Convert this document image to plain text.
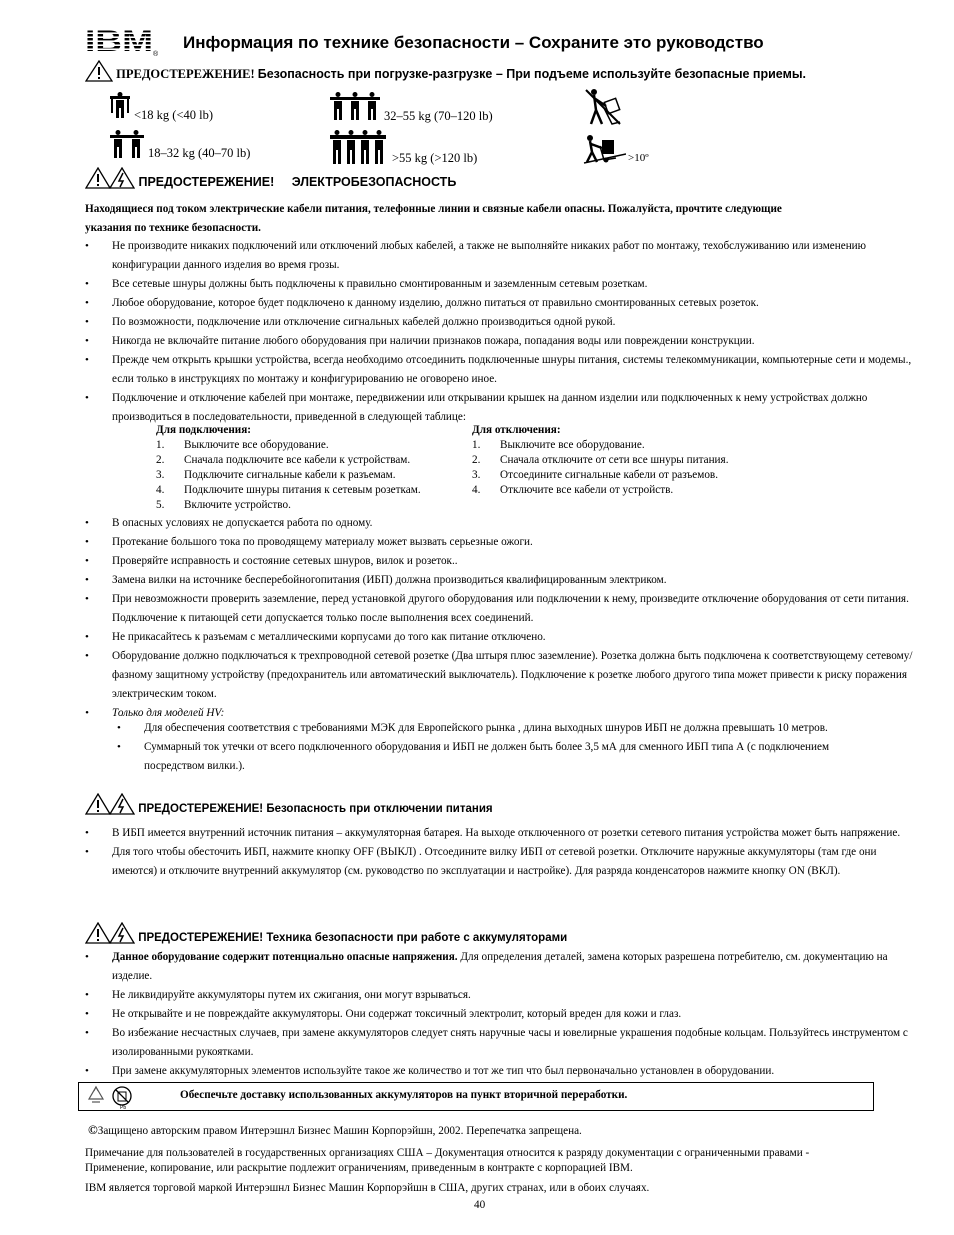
IBM ®
Информация по технике безопасности – Сохраните это руководство
ПРЕДОСТЕРЕЖЕНИЕ! Безопасность при погрузке-разгрузке – При подъеме используйте безопасные приемы.
<18 kg (<40 lb)
18–32 kg (40–70 lb)
32–55 kg (70–120 lb)
>55 kg (>120 lb)	>10º
ПРЕДОСТЕРЕЖЕНИЕ! ЭЛЕКТРОБЕЗОПАСНОСТЬ
Находящиеся под током электрические кабели питания, телефонные линии и связные кабели опасны. Пожалуйста, прочтите следующие
указания по технике безопасности.
• Не производите никаких подключений или отключений любых кабелей, а также не выполняйте никаких работ по монтажу, техобслуживанию или изменению конфигурации данного изделия во время грозы.
• Все сетевые шнуры должны быть подключены к правильно смонтированным и заземленным сетевым розеткам.
• Любое оборудование, которое будет подключено к данному изделию, должно питаться от правильно смонтированных сетевых розеток.
• По возможности, подключение или отключение сигнальных кабелей должно производиться одной рукой.
• Никогда не включайте питание любого оборудования при наличии признаков пожара, попадания воды или повреждении конструкции.
• Прежде чем открыть крышки устройства, всегда необходимо отсоединить подключенные шнуры питания, системы телекоммуникации, компьютерные сети и модемы., если только в инструкциях по монтажу и конфигурированию не оговорено иное.
• Подключение и отключение кабелей при монтаже, передвижении или открывании крышек на данном изделии или подключенных к нему устройствах должно производиться в последовательности, приведенной в следующей таблице:
Для подключения:
1.	Выключите все оборудование.
2.	Сначала подключите все кабели к устройствам.
3.	Подключите сигнальные кабели к разъемам.
4.	Подключите шнуры питания к сетевым розеткам.
5.	Включите устройство.
Для отключения:
1.	Выключите все оборудование.
2.	Сначала отключите от сети все шнуры питания.
3.	Отсоедините сигнальные кабели от разъемов.
4.	Отключите все кабели от устройств.
• В опасных условиях не допускается работа по одному.
• Протекание большого тока по проводящему материалу может вызвать серьезные ожоги.
• Проверяйте исправность и состояние сетевых шнуров, вилок и розеток..
• Замена вилки на источнике бесперебойногопитания (ИБП) должна производиться квалифицированным электриком.
• При невозможности проверить заземление, перед установкой другого оборудования или подключении к нему, произведите отключение оборудования от сети питания. Подключение к питающей сети допускается только после выполнения всех соединений.
• Не прикасайтесь к разъемам с металлическими корпусами до того как питание отключено.
• Оборудование должно подключаться к трехпроводной сетевой розетке (Два штыря плюс заземление). Розетка должна быть подключена к соответствующему сетевому/фазному защитному устройству (предохранитель или автоматический выключатель). Подключение к розетке любого другого типа может привести к риску поражения электрическим током.
• Только для моделей HV:
• Для обеспечения соответствия с требованиями МЭК для Европейского рынка , длина выходных шнуров ИБП не должна превышать 10 метров.
• Суммарный ток утечки от всего подключенного оборудования и ИБП не должен быть более 3,5 мА для сменного ИБП типа А (с подключением посредством вилки.).
ПРЕДОСТЕРЕЖЕНИЕ! Безопасность при отключении питания
• В ИБП имеется внутренний источник питания – аккумуляторная батарея. На выходе отключенного от розетки сетевого питания устройства может быть напряжение.
• Для того чтобы обесточить ИБП, нажмите кнопку OFF (ВЫКЛ) . Отсоедините вилку ИБП от сетевой розетки. Отключите наружные аккумуляторы (там где они имеются) и отключите внутренний аккумулятор (см. руководство по эксплуатации и настройке). Для разряда конденсаторов нажмите кнопку ON (ВКЛ).
ПРЕДОСТЕРЕЖЕНИЕ! Техника безопасности при работе с аккумуляторами
• Данное оборудование содержит потенциально опасные напряжения. Для определения деталей, замена которых разрешена потребителю, см. документацию на изделие.
• Не ликвидируйте аккумуляторы путем их сжигания, они могут взрываться.
• Не открывайте и не повреждайте аккумуляторы. Они содержат токсичный электролит, который вреден для кожи и глаз.
• Во избежание несчастных случаев, при замене аккумуляторов следует снять наручные часы и ювелирные украшения подобные кольцам. Пользуйтесь инструментом с изолированными рукоятками.
• При замене аккумуляторных элементов используйте такое же количество и тот же тип что был первоначально установлен в оборудовании.
Pb
Обеспечьте доставку использованных аккумуляторов на пункт вторичной переработки.
©Защищено авторским правом Интерэшнл Бизнес Машин Корпорэйшн, 2002. Перепечатка запрещена.
Примечание для пользователей в государственных организациях США – Документация относится к разряду документации с ограниченными правами -
Применение, копирование, или раскрытие подлежит ограничениям, приведенным в контракте с корпорацией IBM.
IBM является торговой маркой Интерэшнл Бизнес Машин Корпорэйшн в США, других странах, или в обоих случаях.
40
